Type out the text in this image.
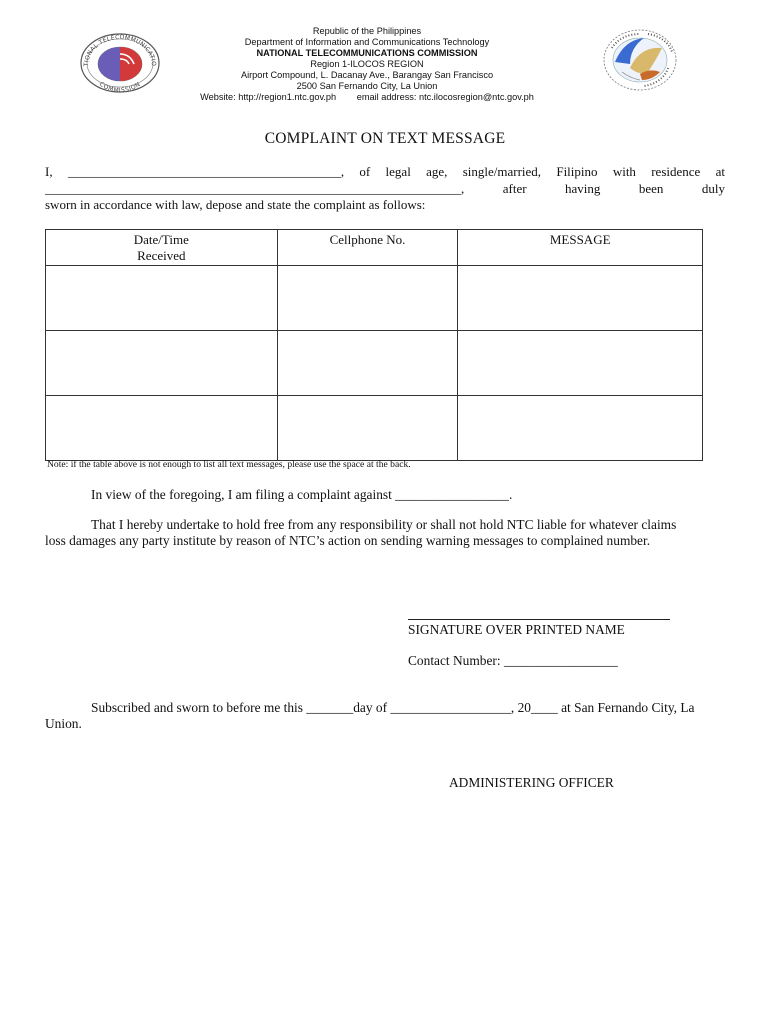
TIONAL TELECOMMUNICATIO
COMMISSION
Republic of the Philippines
Department of Information and Communications Technology
NATIONAL TELECOMMUNICATIONS COMMISSION
Region 1-ILOCOS REGION
Airport Compound, L. Dacanay Ave., Barangay San Francisco
2500 San Fernando City, La Union
Website: http://region1.ntc.gov.ph email address: ntc.ilocosregion@ntc.gov.ph
COMPLAINT ON TEXT MESSAGE
I, __________________________________________, of legal age, single/married, Filipino with residence at
________________________________________________________________, after having been duly
sworn in accordance with law, depose and state the complaint as follows:
Date/Time Received	Cellphone No.	MESSAGE

Note: if the table above is not enough to list all text messages, please use the space at the back.
In view of the foregoing, I am filing a complaint against _________________.
That I hereby undertake to hold free from any responsibility or shall not hold NTC liable for whatever claims loss damages any party institute by reason of NTC’s action on sending warning messages to complained number.
SIGNATURE OVER PRINTED NAME
Contact Number: _________________
Subscribed and sworn to before me this _______day of __________________, 20____ at San Fernando City, La Union.
ADMINISTERING OFFICER
